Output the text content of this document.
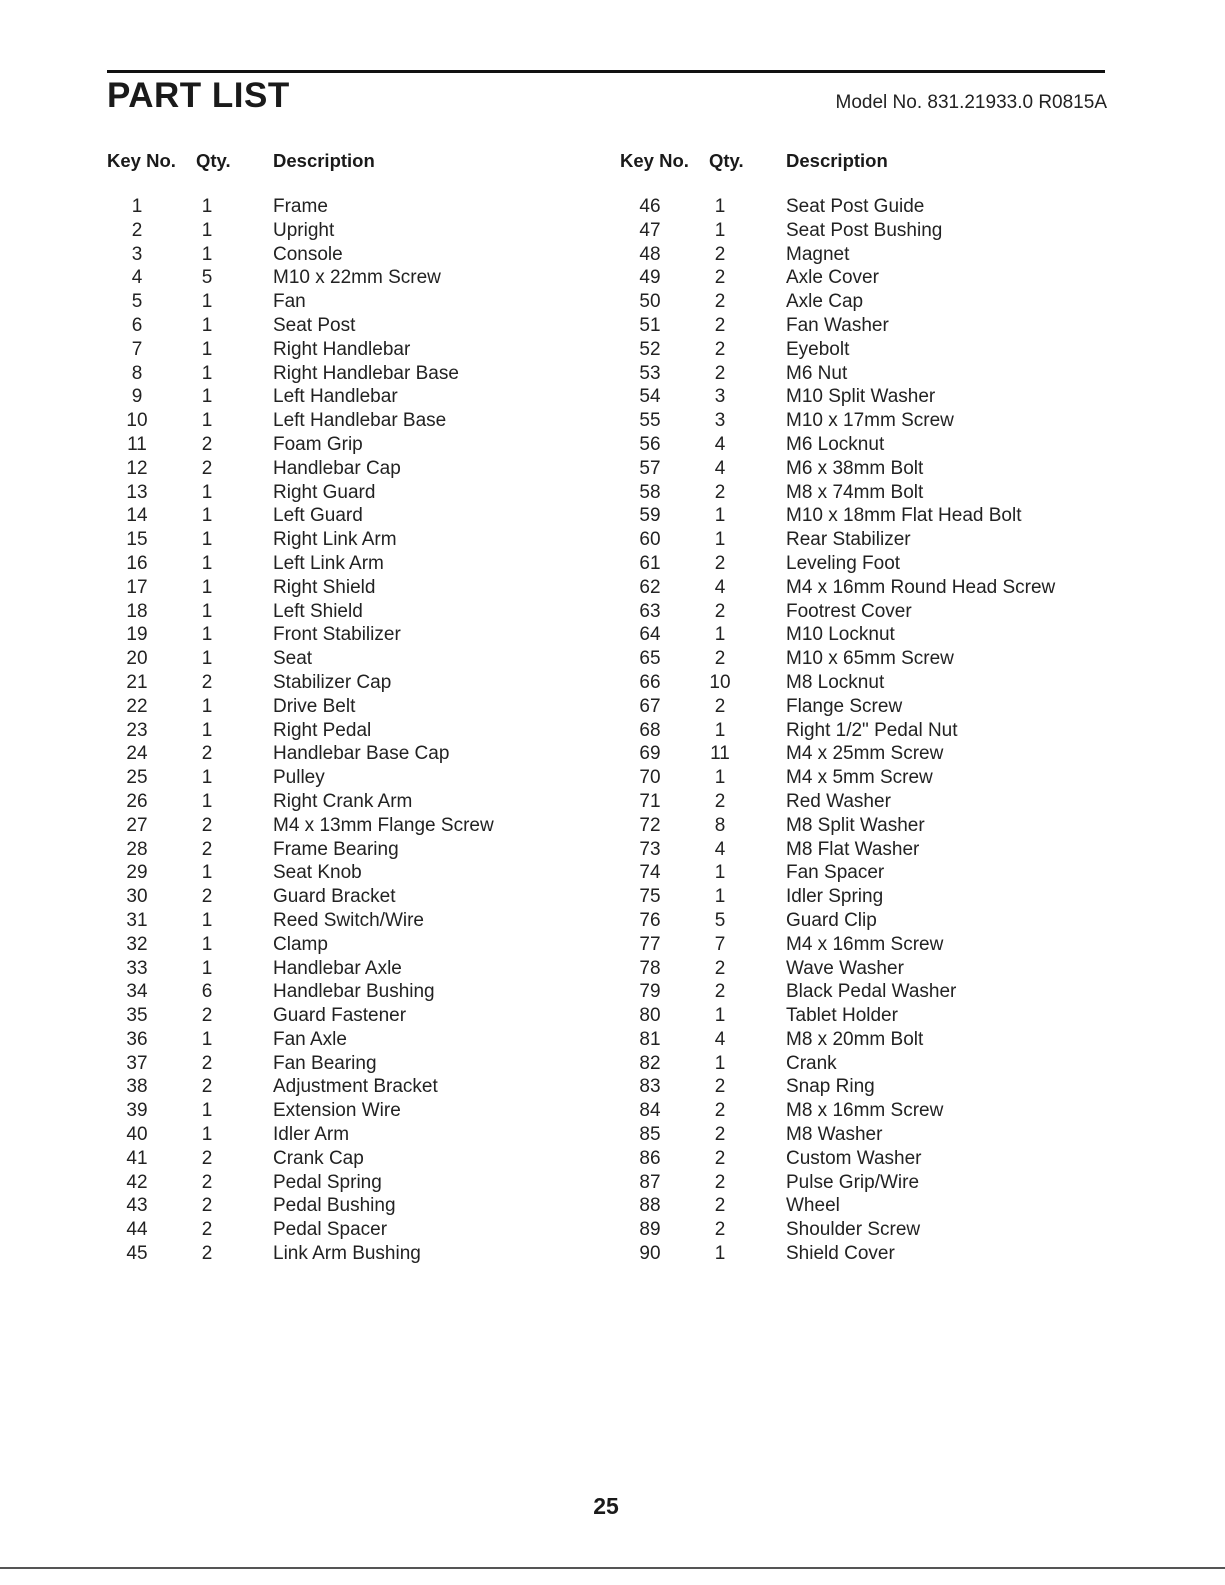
PART LIST	Model No. 831.21933.0 R0815A
Key No.	Qty.	Description
1	1	Frame
2	1	Upright
3	1	Console
4	5	M10 x 22mm Screw
5	1	Fan
6	1	Seat Post
7	1	Right Handlebar
8	1	Right Handlebar Base
9	1	Left Handlebar
10	1	Left Handlebar Base
11	2	Foam Grip
12	2	Handlebar Cap
13	1	Right Guard
14	1	Left Guard
15	1	Right Link Arm
16	1	Left Link Arm
17	1	Right Shield
18	1	Left Shield
19	1	Front Stabilizer
20	1	Seat
21	2	Stabilizer Cap
22	1	Drive Belt
23	1	Right Pedal
24	2	Handlebar Base Cap
25	1	Pulley
26	1	Right Crank Arm
27	2	M4 x 13mm Flange Screw
28	2	Frame Bearing
29	1	Seat Knob
30	2	Guard Bracket
31	1	Reed Switch/Wire
32	1	Clamp
33	1	Handlebar Axle
34	6	Handlebar Bushing
35	2	Guard Fastener
36	1	Fan Axle
37	2	Fan Bearing
38	2	Adjustment Bracket
39	1	Extension Wire
40	1	Idler Arm
41	2	Crank Cap
42	2	Pedal Spring
43	2	Pedal Bushing
44	2	Pedal Spacer
45	2	Link Arm Bushing
Key No.	Qty.	Description
46	1	Seat Post Guide
47	1	Seat Post Bushing
48	2	Magnet
49	2	Axle Cover
50	2	Axle Cap
51	2	Fan Washer
52	2	Eyebolt
53	2	M6 Nut
54	3	M10 Split Washer
55	3	M10 x 17mm Screw
56	4	M6 Locknut
57	4	M6 x 38mm Bolt
58	2	M8 x 74mm Bolt
59	1	M10 x 18mm Flat Head Bolt
60	1	Rear Stabilizer
61	2	Leveling Foot
62	4	M4 x 16mm Round Head Screw
63	2	Footrest Cover
64	1	M10 Locknut
65	2	M10 x 65mm Screw
66	10	M8 Locknut
67	2	Flange Screw
68	1	Right 1/2" Pedal Nut
69	11	M4 x 25mm Screw
70	1	M4 x 5mm Screw
71	2	Red Washer
72	8	M8 Split Washer
73	4	M8 Flat Washer
74	1	Fan Spacer
75	1	Idler Spring
76	5	Guard Clip
77	7	M4 x 16mm Screw
78	2	Wave Washer
79	2	Black Pedal Washer
80	1	Tablet Holder
81	4	M8 x 20mm Bolt
82	1	Crank
83	2	Snap Ring
84	2	M8 x 16mm Screw
85	2	M8 Washer
86	2	Custom Washer
87	2	Pulse Grip/Wire
88	2	Wheel
89	2	Shoulder Screw
90	1	Shield Cover
25
